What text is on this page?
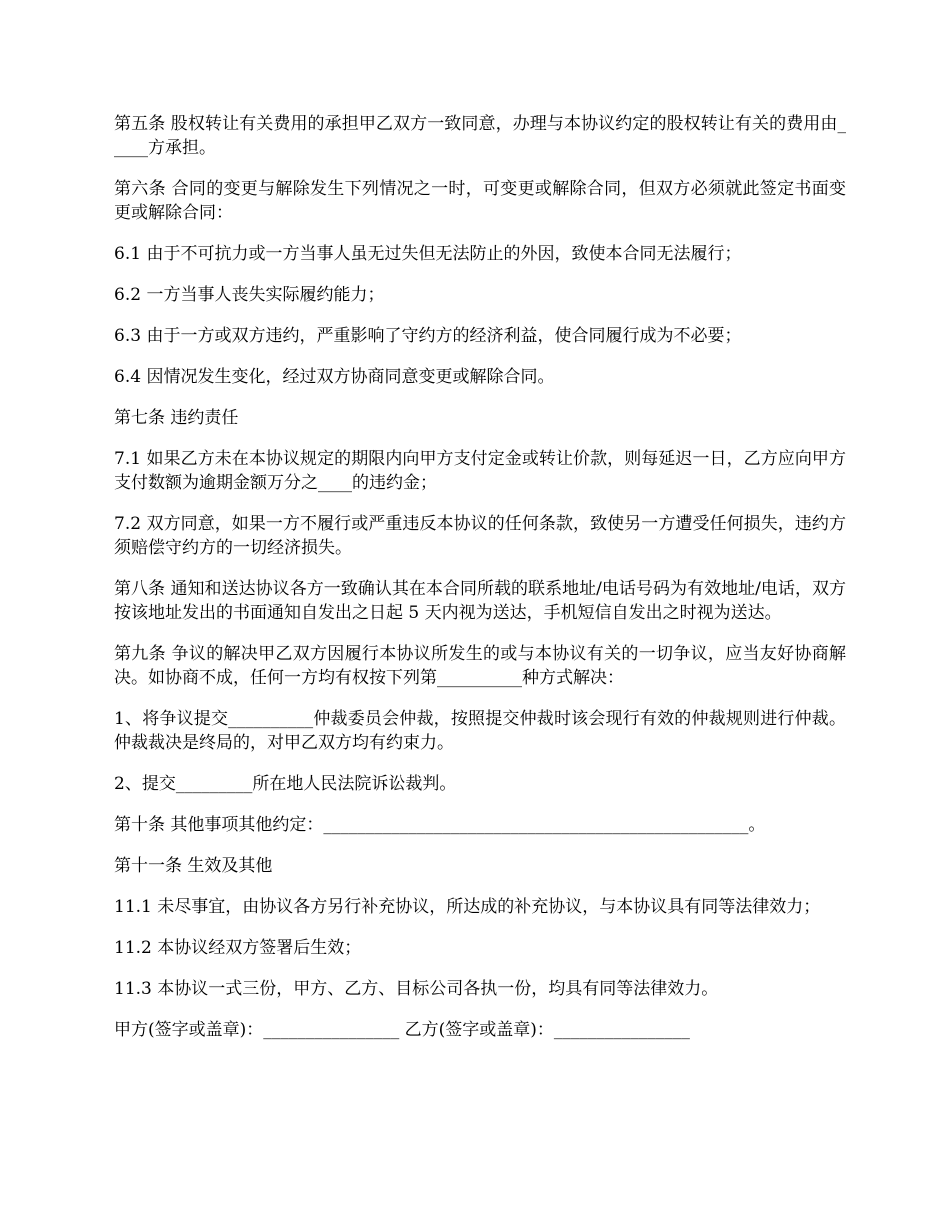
第五条 股权转让有关费用的承担甲乙双方一致同意，办理与本协议约定的股权转让有关的费用由_____方承担。

第六条 合同的变更与解除发生下列情况之一时，可变更或解除合同，但双方必须就此签定书面变更或解除合同：

6.1 由于不可抗力或一方当事人虽无过失但无法防止的外因，致使本合同无法履行；

6.2 一方当事人丧失实际履约能力；

6.3 由于一方或双方违约，严重影响了守约方的经济利益，使合同履行成为不必要；

6.4 因情况发生变化，经过双方协商同意变更或解除合同。

第七条 违约责任

7.1 如果乙方未在本协议规定的期限内向甲方支付定金或转让价款，则每延迟一日，乙方应向甲方支付数额为逾期金额万分之____的违约金；

7.2 双方同意，如果一方不履行或严重违反本协议的任何条款，致使另一方遭受任何损失，违约方须赔偿守约方的一切经济损失。

第八条 通知和送达协议各方一致确认其在本合同所载的联系地址/电话号码为有效地址/电话，双方按该地址发出的书面通知自发出之日起 5 天内视为送达，手机短信自发出之时视为送达。

第九条 争议的解决甲乙双方因履行本协议所发生的或与本协议有关的一切争议，应当友好协商解决。如协商不成，任何一方均有权按下列第__________种方式解决：

1、将争议提交__________仲裁委员会仲裁，按照提交仲裁时该会现行有效的仲裁规则进行仲裁。仲裁裁决是终局的，对甲乙双方均有约束力。

2、提交_________所在地人民法院诉讼裁判。

第十条 其他事项其他约定：__________________________________________________。

第十一条 生效及其他

11.1 未尽事宜，由协议各方另行补充协议，所达成的补充协议，与本协议具有同等法律效力；

11.2 本协议经双方签署后生效；

11.3 本协议一式三份，甲方、乙方、目标公司各执一份，均具有同等法律效力。

甲方(签字或盖章)：________________ 乙方(签字或盖章)：________________
